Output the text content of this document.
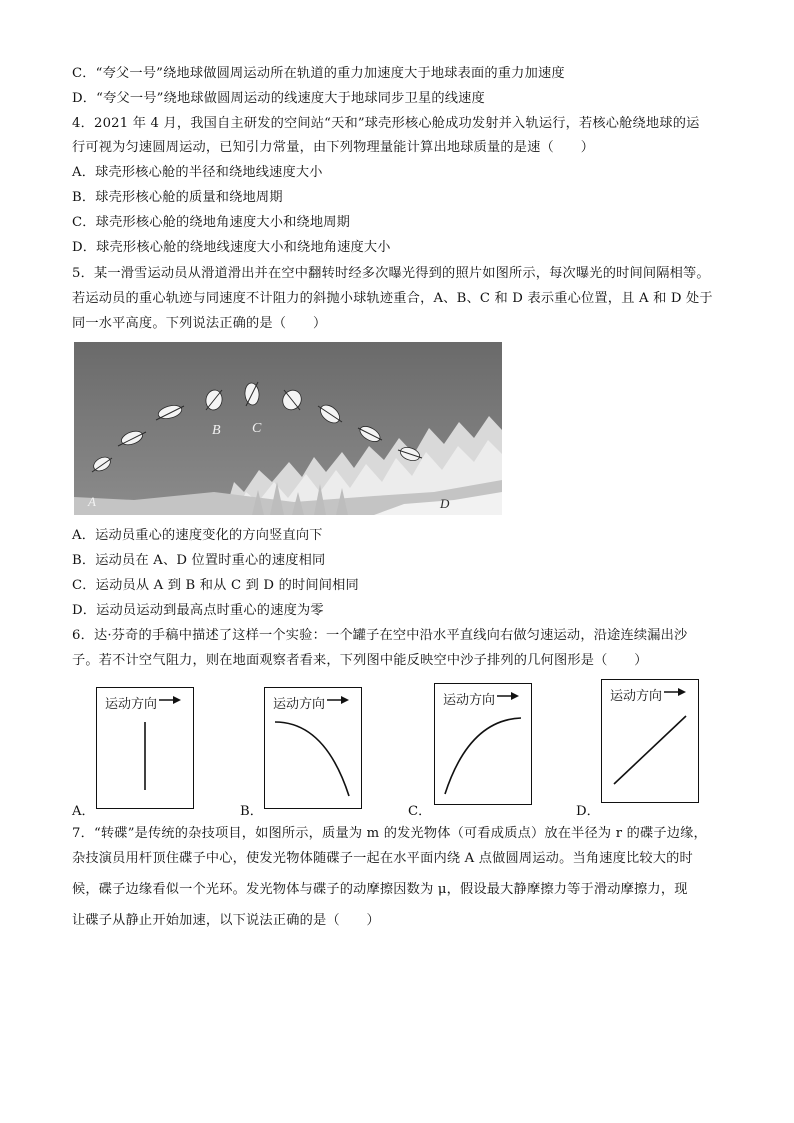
C．“夸父一号”绕地球做圆周运动所在轨道的重力加速度大于地球表面的重力加速度
D．“夸父一号”绕地球做圆周运动的线速度大于地球同步卫星的线速度
4．2021 年 4 月，我国自主研发的空间站“天和”球壳形核心舱成功发射并入轨运行，若核心舱绕地球的运
行可视为匀速圆周运动，已知引力常量，由下列物理量能计算出地球质量的是速（　　）
A．球壳形核心舱的半径和绕地线速度大小
B．球壳形核心舱的质量和绕地周期
C．球壳形核心舱的绕地角速度大小和绕地周期
D．球壳形核心舱的绕地线速度大小和绕地角速度大小
5．某一滑雪运动员从滑道滑出并在空中翻转时经多次曝光得到的照片如图所示，每次曝光的时间间隔相等。
若运动员的重心轨迹与同速度不计阻力的斜抛小球轨迹重合，A、B、C 和 D 表示重心位置，且 A 和 D 处于
同一水平高度。下列说法正确的是（　　）
A
B C
D
A．运动员重心的速度变化的方向竖直向下
B．运动员在 A、D 位置时重心的速度相同
C．运动员从 A 到 B 和从 C 到 D 的时间间相同
D．运动员运动到最高点时重心的速度为零
6．达·芬奇的手稿中描述了这样一个实验：一个罐子在空中沿水平直线向右做匀速运动，沿途连续漏出沙
子。若不计空气阻力，则在地面观察者看来，下列图中能反映空中沙子排列的几何图形是（　　）
A．
运动方向
B．
运动方向
C．
运动方向
D．
运动方向
7．“转碟”是传统的杂技项目，如图所示，质量为 m 的发光物体（可看成质点）放在半径为 r 的碟子边缘，
杂技演员用杆顶住碟子中心，使发光物体随碟子一起在水平面内绕 A 点做圆周运动。当角速度比较大的时
候，碟子边缘看似一个光环。发光物体与碟子的动摩擦因数为 μ，假设最大静摩擦力等于滑动摩擦力，现
让碟子从静止开始加速，以下说法正确的是（　　）
